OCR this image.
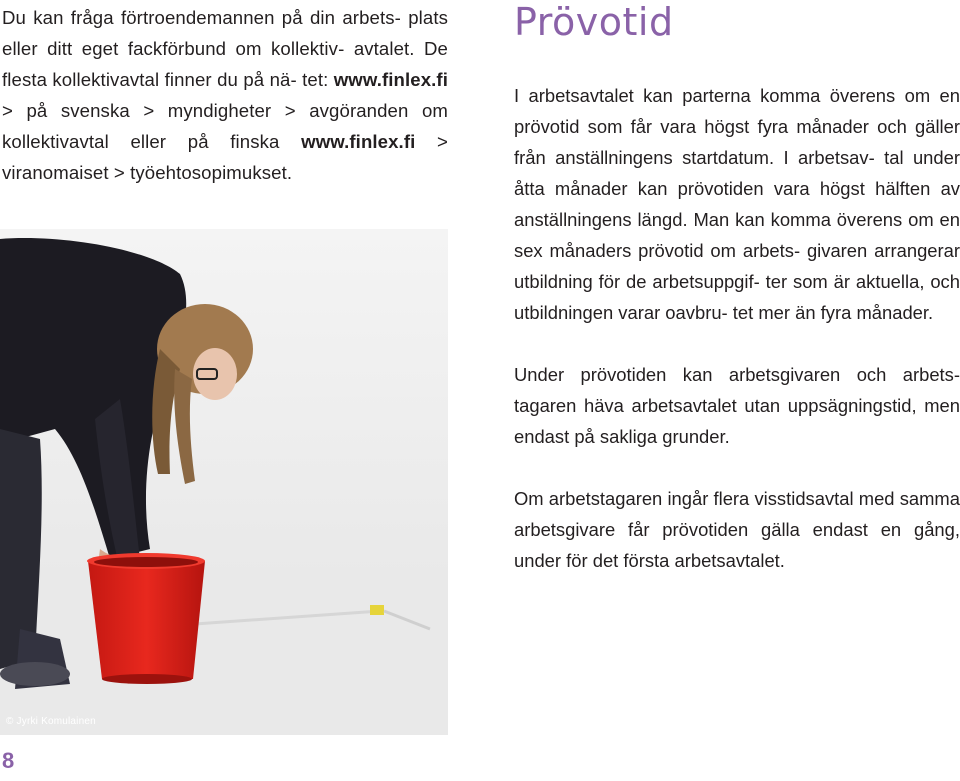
Du kan fråga förtroendemannen på din arbets- plats eller ditt eget fackförbund om kollektiv- avtalet. De flesta kollektivavtal finner du på nä- tet: www.finlex.fi > på svenska > myndigheter > avgöranden om kollektivavtal eller på finska www.finlex.fi > viranomaiset > työehtosopimukset.
© Jyrki Komulainen
8
Prövotid

I arbetsavtalet kan parterna komma överens om en prövotid som får vara högst fyra månader och gäller från anställningens startdatum. I arbetsav- tal under åtta månader kan prövotiden vara högst hälften av anställningens längd. Man kan komma överens om en sex månaders prövotid om arbets- givaren arrangerar utbildning för de arbetsuppgif- ter som är aktuella, och utbildningen varar oavbru- tet mer än fyra månader.

Under prövotiden kan arbetsgivaren och arbets- tagaren häva arbetsavtalet utan uppsägningstid, men endast på sakliga grunder.

Om arbetstagaren ingår flera visstidsavtal med samma arbetsgivare får prövotiden gälla endast en gång, under för det första arbetsavtalet.
